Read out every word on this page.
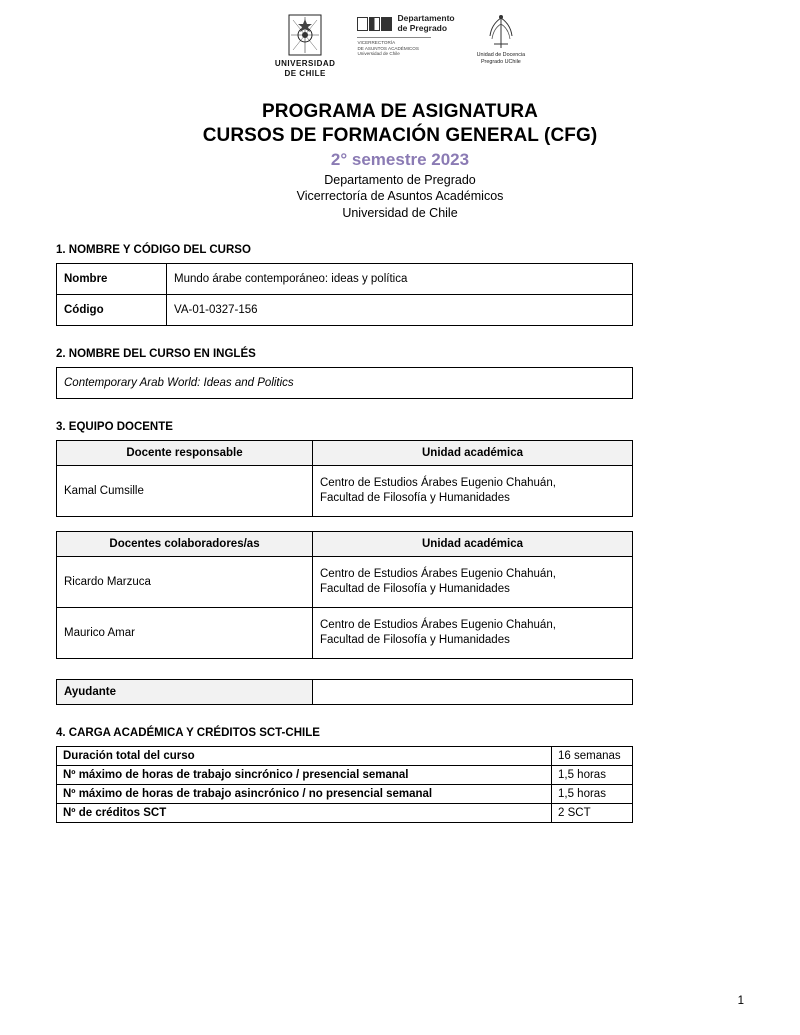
UNIVERSIDAD
DE CHILE
Departamento
de Pregrado
VICERRECTORÍA
DE ASUNTOS ACADÉMICOS
Universidad de Chile	Unidad de Docencia
Pregrado UChile
PROGRAMA DE ASIGNATURA
CURSOS DE FORMACIÓN GENERAL (CFG)
2° semestre 2023
Departamento de Pregrado
Vicerrectoría de Asuntos Académicos
Universidad de Chile
1. NOMBRE Y CÓDIGO DEL CURSO
Nombre	Mundo árabe contemporáneo: ideas y política
Código	VA-01-0327-156
2. NOMBRE DEL CURSO EN INGLÉS
Contemporary Arab World: Ideas and Politics
3. EQUIPO DOCENTE
Docente responsable	Unidad académica
Kamal Cumsille	Centro de Estudios Árabes Eugenio Chahuán,
Facultad de Filosofía y Humanidades
Docentes colaboradores/as	Unidad académica
Ricardo Marzuca	Centro de Estudios Árabes Eugenio Chahuán,
Facultad de Filosofía y Humanidades
Maurico Amar	Centro de Estudios Árabes Eugenio Chahuán,
Facultad de Filosofía y Humanidades
Ayudante	
4. CARGA ACADÉMICA Y CRÉDITOS SCT-CHILE
Duración total del curso	16 semanas
Nº máximo de horas de trabajo sincrónico / presencial semanal	1,5 horas
Nº máximo de horas de trabajo asincrónico / no presencial semanal	1,5 horas
Nº de créditos SCT	2 SCT
1
